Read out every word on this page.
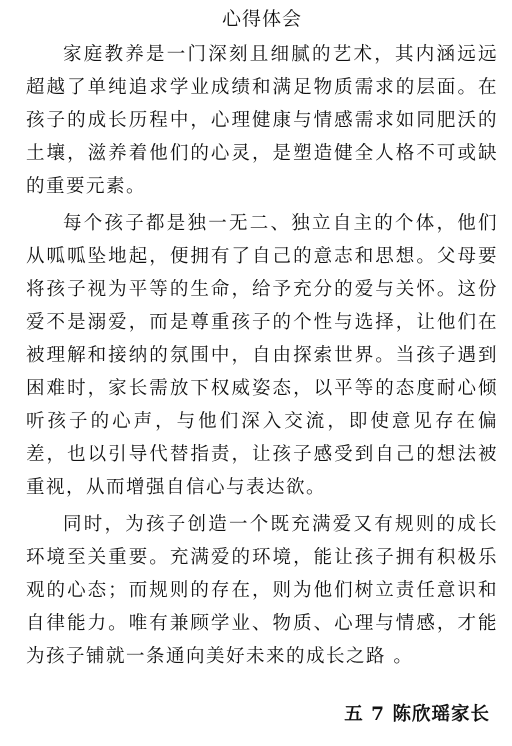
心得体会

家庭教养是一门深刻且细腻的艺术，其内涵远远超越了单纯追求学业成绩和满足物质需求的层面。在孩子的成长历程中，心理健康与情感需求如同肥沃的土壤，滋养着他们的心灵，是塑造健全人格不可或缺的重要元素。

每个孩子都是独一无二、独立自主的个体，他们从呱呱坠地起，便拥有了自己的意志和思想。父母要将孩子视为平等的生命，给予充分的爱与关怀。这份爱不是溺爱，而是尊重孩子的个性与选择，让他们在被理解和接纳的氛围中，自由探索世界。当孩子遇到困难时，家长需放下权威姿态，以平等的态度耐心倾听孩子的心声，与他们深入交流，即使意见存在偏差，也以引导代替指责，让孩子感受到自己的想法被重视，从而增强自信心与表达欲。

同时，为孩子创造一个既充满爱又有规则的成长环境至关重要。充满爱的环境，能让孩子拥有积极乐观的心态；而规则的存在，则为他们树立责任意识和自律能力。唯有兼顾学业、物质、心理与情感，才能为孩子铺就一条通向美好未来的成长之路 。

五 7 陈欣瑶家长
